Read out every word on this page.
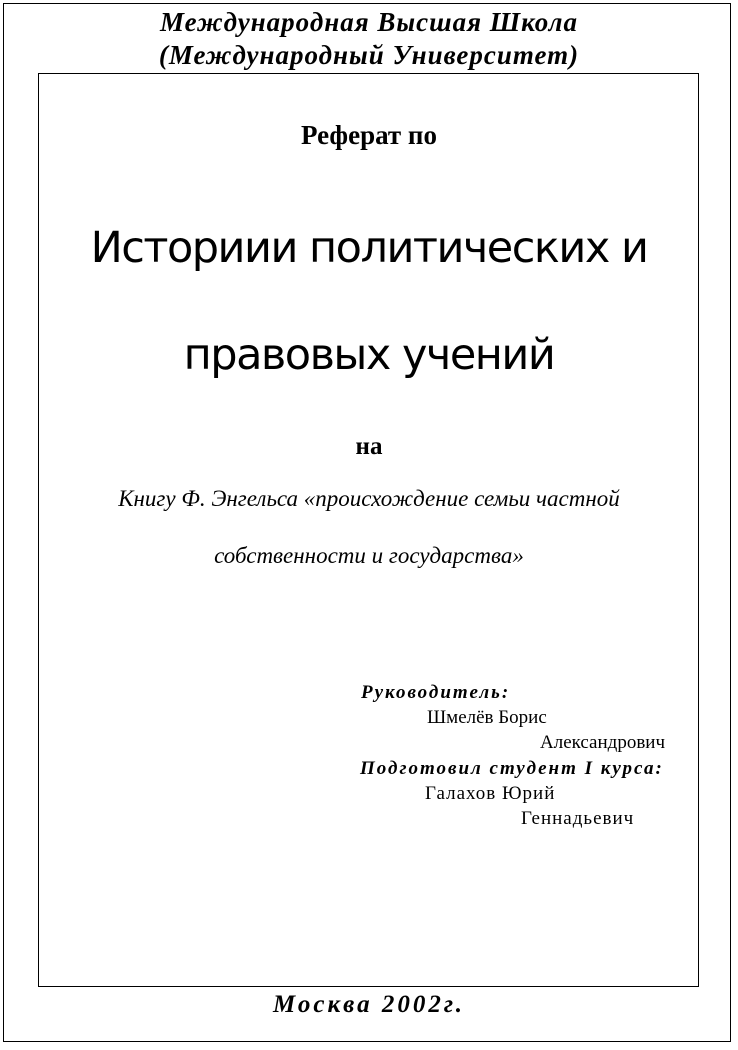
Международная Высшая Школа
(Международный Университет)
Реферат по
Историии политических и
правовых учений
на
Книгу Ф. Энгельса «происхождение семьи частной
собственности и государства»
Руководитель:
Шмелёв Борис
Александрович
Подготовил студент I курса:
Галахов Юрий
Геннадьевич
Москва 2002г.
